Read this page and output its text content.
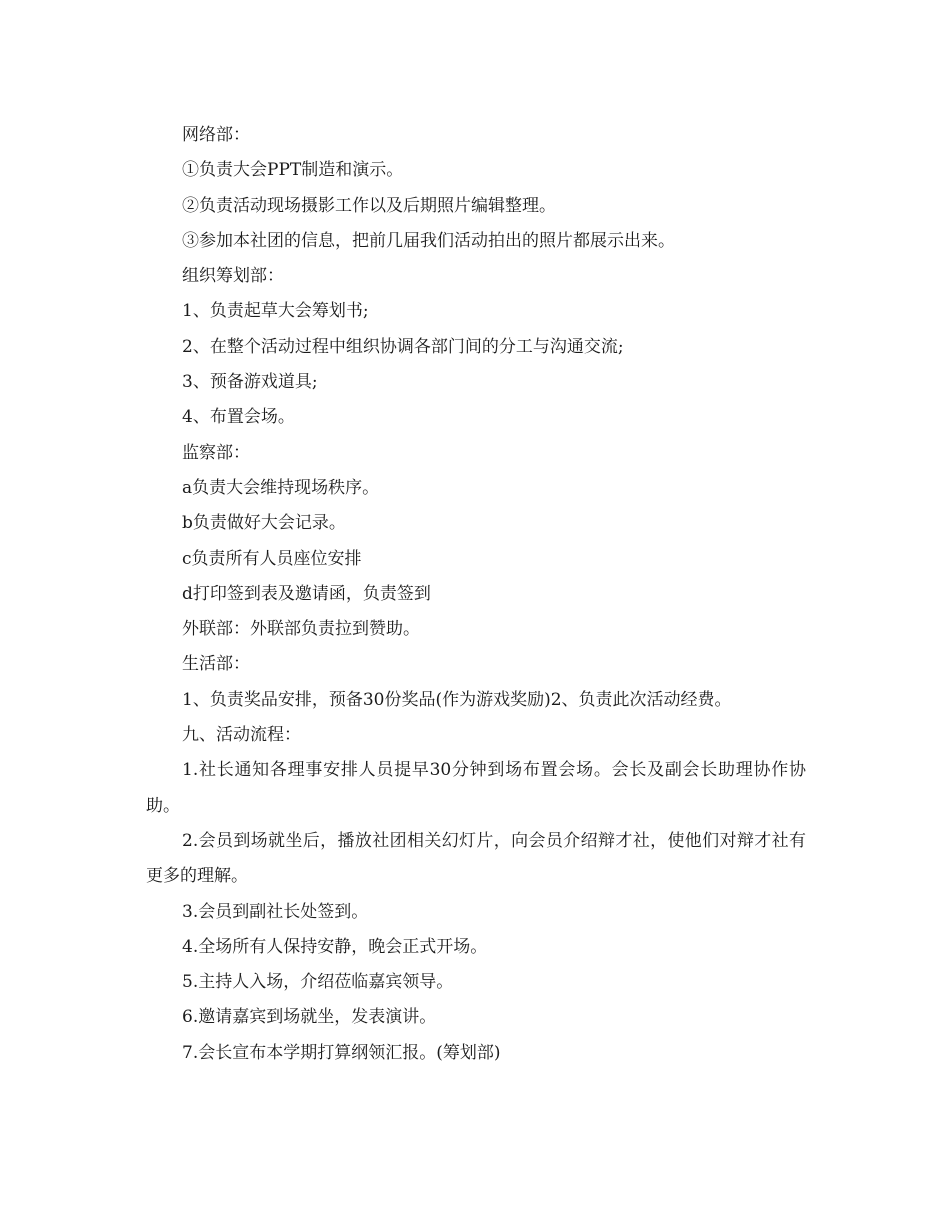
网络部：

①负责大会PPT制造和演示。

②负责活动现场摄影工作以及后期照片编辑整理。

③参加本社团的信息，把前几届我们活动拍出的照片都展示出来。

组织筹划部：

1、负责起草大会筹划书;

2、在整个活动过程中组织协调各部门间的分工与沟通交流;

3、预备游戏道具;

4、布置会场。

监察部：

a负责大会维持现场秩序。

b负责做好大会记录。

c负责所有人员座位安排

d打印签到表及邀请函，负责签到

外联部：外联部负责拉到赞助。

生活部：

1、负责奖品安排，预备30份奖品(作为游戏奖励)2、负责此次活动经费。

九、活动流程：

1.社长通知各理事安排人员提早30分钟到场布置会场。会长及副会长助理协作协助。

2.会员到场就坐后，播放社团相关幻灯片，向会员介绍辩才社，使他们对辩才社有更多的理解。

3.会员到副社长处签到。

4.全场所有人保持安静，晚会正式开场。

5.主持人入场，介绍莅临嘉宾领导。

6.邀请嘉宾到场就坐，发表演讲。

7.会长宣布本学期打算纲领汇报。(筹划部)
